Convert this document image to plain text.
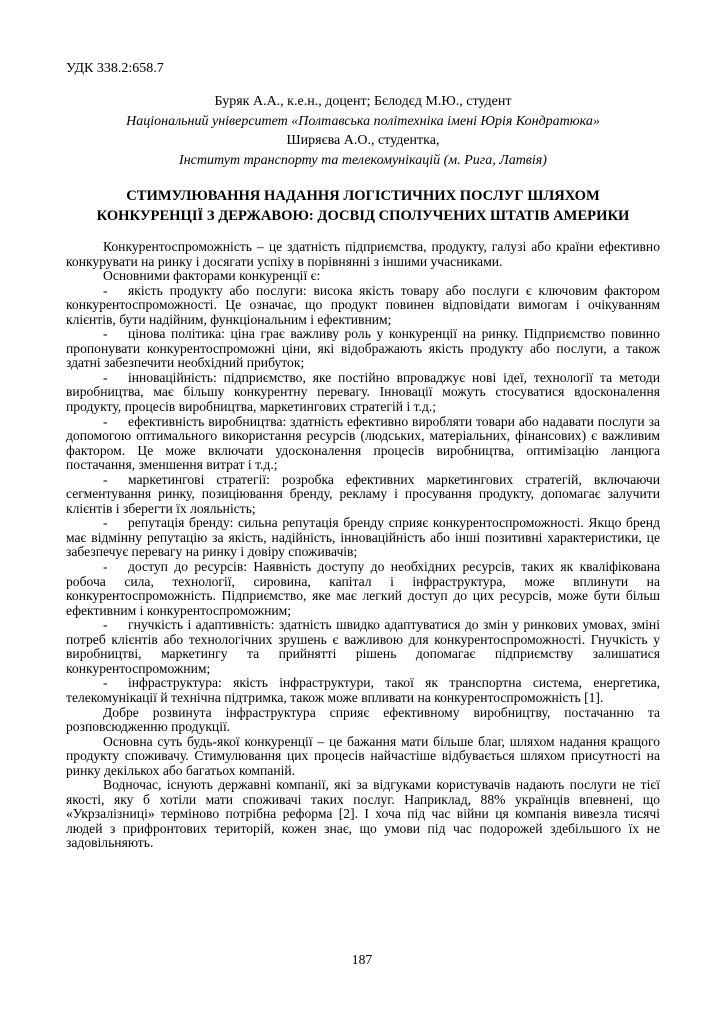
УДК 338.2:658.7
Буряк А.А., к.е.н., доцент; Бєлодєд М.Ю., студент
Національний університет «Полтавська політехніка імені Юрія Кондратюка»
Ширяєва А.О., студентка,
Інститут транспорту та телекомунікацій (м. Рига, Латвія)
СТИМУЛЮВАННЯ НАДАННЯ ЛОГІСТИЧНИХ ПОСЛУГ ШЛЯХОМ
КОНКУРЕНЦІЇ З ДЕРЖАВОЮ: ДОСВІД СПОЛУЧЕНИХ ШТАТІВ АМЕРИКИ

Конкурентоспроможність – це здатність підприємства, продукту, галузі або країни ефективно конкурувати на ринку і досягати успіху в порівнянні з іншими учасниками.

Основними факторами конкуренції є:

- якість продукту або послуги: висока якість товару або послуги є ключовим фактором конкурентоспроможності. Це означає, що продукт повинен відповідати вимогам і очікуванням клієнтів, бути надійним, функціональним і ефективним;

- цінова політика: ціна грає важливу роль у конкуренції на ринку. Підприємство повинно пропонувати конкурентоспроможні ціни, які відображають якість продукту або послуги, а також здатні забезпечити необхідний прибуток;

- інноваційність: підприємство, яке постійно впроваджує нові ідеї, технології та методи виробництва, має більшу конкурентну перевагу. Інновації можуть стосуватися вдосконалення продукту, процесів виробництва, маркетингових стратегій і т.д.;

- ефективність виробництва: здатність ефективно виробляти товари або надавати послуги за допомогою оптимального використання ресурсів (людських, матеріальних, фінансових) є важливим фактором. Це може включати удосконалення процесів виробництва, оптимізацію ланцюга постачання, зменшення витрат і т.д.;

- маркетингові стратегії: розробка ефективних маркетингових стратегій, включаючи сегментування ринку, позиціювання бренду, рекламу і просування продукту, допомагає залучити клієнтів і зберегти їх лояльність;

- репутація бренду: сильна репутація бренду сприяє конкурентоспроможності. Якщо бренд має відмінну репутацію за якість, надійність, інноваційність або інші позитивні характеристики, це забезпечує перевагу на ринку і довіру споживачів;

- доступ до ресурсів: Наявність доступу до необхідних ресурсів, таких як кваліфікована робоча сила, технології, сировина, капітал і інфраструктура, може вплинути на конкурентоспроможність. Підприємство, яке має легкий доступ до цих ресурсів, може бути більш ефективним і конкурентоспроможним;

- гнучкість і адаптивність: здатність швидко адаптуватися до змін у ринкових умовах, зміні потреб клієнтів або технологічних зрушень є важливою для конкурентоспроможності. Гнучкість у виробництві, маркетингу та прийнятті рішень допомагає підприємству залишатися конкурентоспроможним;

- інфраструктура: якість інфраструктури, такої як транспортна система, енергетика, телекомунікації й технічна підтримка, також може впливати на конкурентоспроможність [1].

Добре розвинута інфраструктура сприяє ефективному виробництву, постачанню та розповсюдженню продукції.

Основна суть будь-якої конкуренції – це бажання мати більше благ, шляхом надання кращого продукту споживачу. Стимулювання цих процесів найчастіше відбувається шляхом присутності на ринку декількох або багатьох компаній.

Водночас, існують державні компанії, які за відгуками користувачів надають послуги не тієї якості, яку б хотіли мати споживачі таких послуг. Наприклад, 88% українців впевнені, що «Укрзалізниці» терміново потрібна реформа [2]. І хоча під час війни ця компанія вивезла тисячі людей з прифронтових територій, кожен знає, що умови під час подорожей здебільшого їх не задовільняють.

187
